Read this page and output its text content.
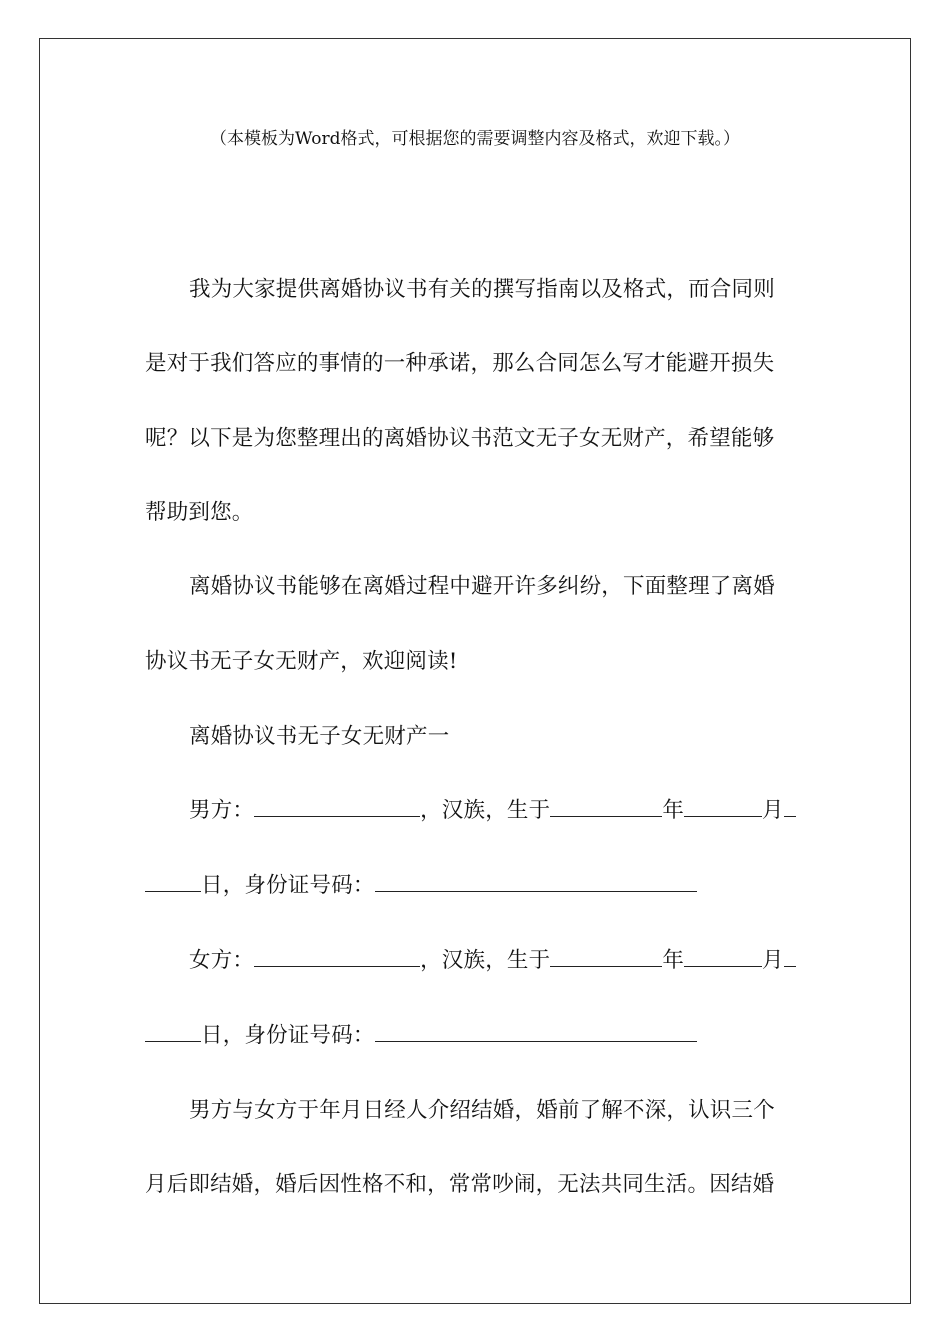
（本模板为Word格式，可根据您的需要调整内容及格式，欢迎下载。）
我为大家提供离婚协议书有关的撰写指南以及格式，而合同则
是对于我们答应的事情的一种承诺，那么合同怎么写才能避开损失
呢？以下是为您整理出的离婚协议书范文无子女无财产，希望能够
帮助到您。
离婚协议书能够在离婚过程中避开许多纠纷，下面整理了离婚
协议书无子女无财产，欢迎阅读!
离婚协议书无子女无财产一
男方：	，汉族，生于	年	月
日，身份证号码：
女方：	，汉族，生于	年	月
日，身份证号码：
男方与女方于年月日经人介绍结婚，婚前了解不深，认识三个
月后即结婚，婚后因性格不和，常常吵闹，无法共同生活。因结婚
